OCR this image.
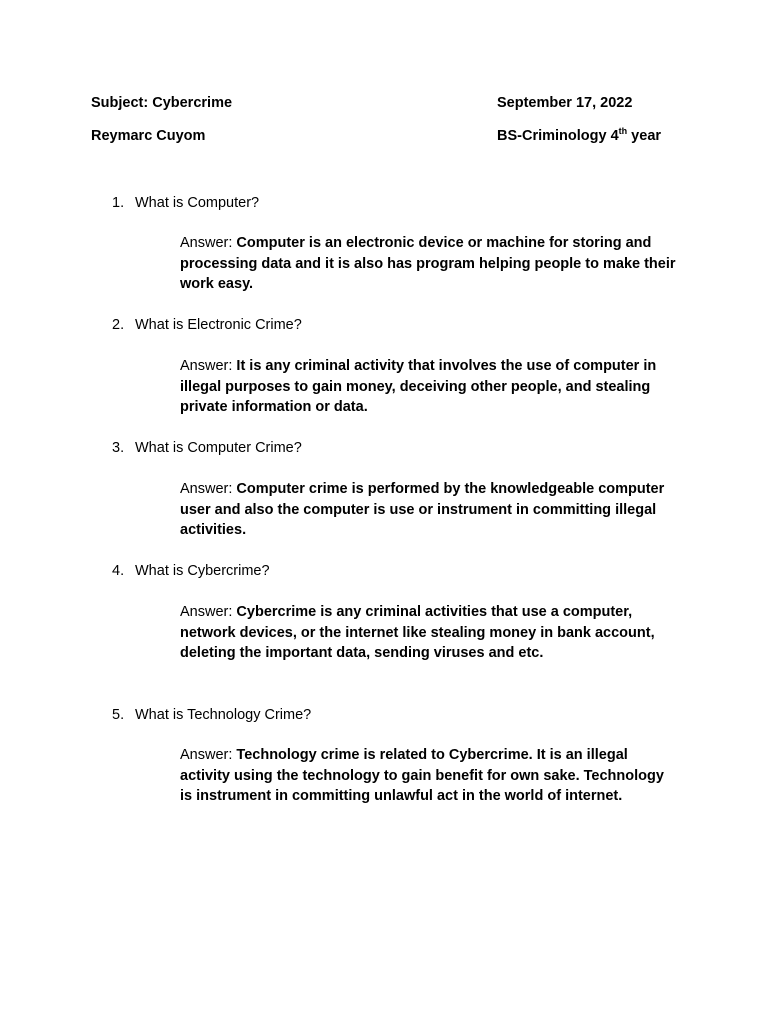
Subject: Cybercrime	September 17, 2022
Reymarc Cuyom	BS-Criminology 4th year
1. What is Computer?
Answer: Computer is an electronic device or machine for storing and processing data and it is also has program helping people to make their work easy.
2. What is Electronic Crime?
Answer: It is any criminal activity that involves the use of computer in illegal purposes to gain money, deceiving other people, and stealing private information or data.
3. What is Computer Crime?
Answer: Computer crime is performed by the knowledgeable computer user and also the computer is use or instrument in committing illegal activities.
4. What is Cybercrime?
Answer: Cybercrime is any criminal activities that use a computer, network devices, or the internet like stealing money in bank account, deleting the important data, sending viruses and etc.
5. What is Technology Crime?
Answer: Technology crime is related to Cybercrime. It is an illegal activity using the technology to gain benefit for own sake. Technology is instrument in committing unlawful act in the world of internet.
